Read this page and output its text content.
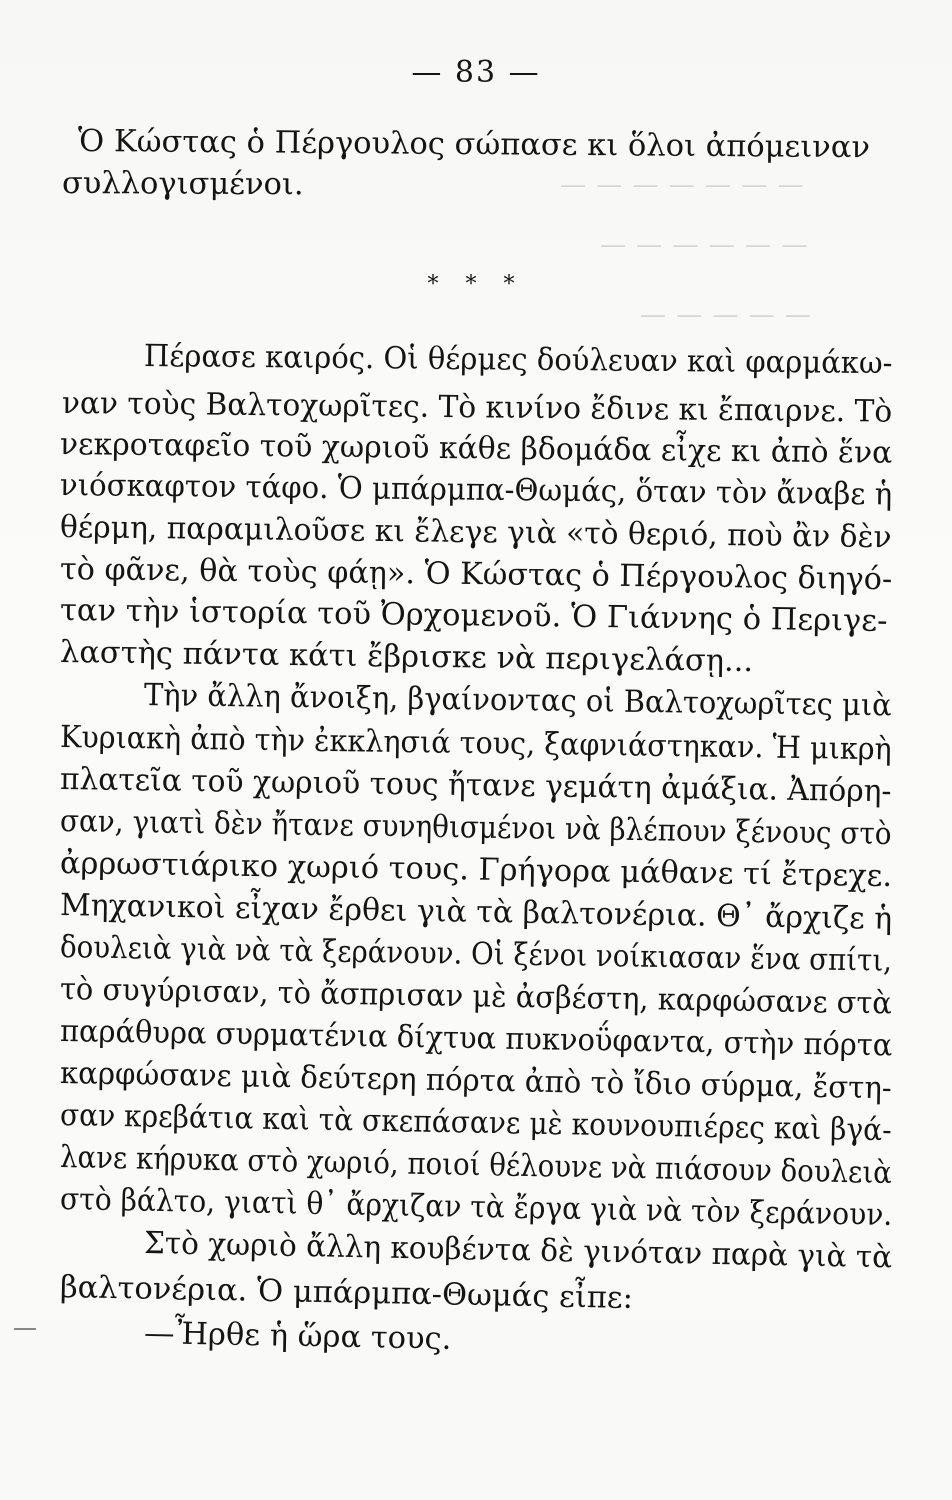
— — — — — — —
— — — — — —
— — — — —
— 83 —
Ὁ Κώστας ὁ Πέργουλος σώπασε κι ὅλοι ἀπόμειναν
συλλογισμένοι.
* * *
Πέρασε καιρός. Οἱ θέρμες δούλευαν καὶ φαρμάκω-
ναν τοὺς Βαλτοχωρῖτες. Τὸ κινίνο ἔδινε κι ἔπαιρνε. Τὸ
νεκροταφεῖο τοῦ χωριοῦ κάθε βδομάδα εἶχε κι ἀπὸ ἕνα
νιόσκαφτον τάφο. Ὁ μπάρμπα-Θωμάς, ὅταν τὸν ἄναβε ἡ
θέρμη, παραμιλοῦσε κι ἔλεγε γιὰ «τὸ θεριό, ποὺ ἂν δὲν
τὸ φᾶνε, θὰ τοὺς φάῃ». Ὁ Κώστας ὁ Πέργουλος διηγό-
ταν τὴν ἱστορία τοῦ Ὀρχομενοῦ. Ὁ Γιάννης ὁ Περιγε-
λαστὴς πάντα κάτι ἔβρισκε νὰ περιγελάσῃ...
Τὴν ἄλλη ἄνοιξη, βγαίνοντας οἱ Βαλτοχωρῖτες μιὰ
Κυριακὴ ἀπὸ τὴν ἐκκλησιά τους, ξαφνιάστηκαν. Ἡ μικρὴ
πλατεῖα τοῦ χωριοῦ τους ἤτανε γεμάτη ἀμάξια. Ἀπόρη-
σαν, γιατὶ δὲν ἤτανε συνηθισμένοι νὰ βλέπουν ξένους στὸ
ἀρρωστιάρικο χωριό τους. Γρήγορα μάθανε τί ἔτρεχε.
Μηχανικοὶ εἶχαν ἔρθει γιὰ τὰ βαλτονέρια. Θ᾿ ἄρχιζε ἡ
δουλειὰ γιὰ νὰ τὰ ξεράνουν. Οἱ ξένοι νοίκιασαν ἕνα σπίτι,
τὸ συγύρισαν, τὸ ἄσπρισαν μὲ ἀσβέστη, καρφώσανε στὰ
παράθυρα συρματένια δίχτυα πυκνοΰφαντα, στὴν πόρτα
καρφώσανε μιὰ δεύτερη πόρτα ἀπὸ τὸ ἴδιο σύρμα, ἔστη-
σαν κρεβάτια καὶ τὰ σκεπάσανε μὲ κουνουπιέρες καὶ βγά-
λανε κήρυκα στὸ χωριό, ποιοί θέλουνε νὰ πιάσουν δουλειὰ
στὸ βάλτο, γιατὶ θ᾿ ἄρχιζαν τὰ ἔργα γιὰ νὰ τὸν ξεράνουν.
Στὸ χωριὸ ἄλλη κουβέντα δὲ γινόταν παρὰ γιὰ τὰ
βαλτονέρια. Ὁ μπάρμπα-Θωμάς εἶπε:
—Ἦρθε ἡ ὥρα τους.
